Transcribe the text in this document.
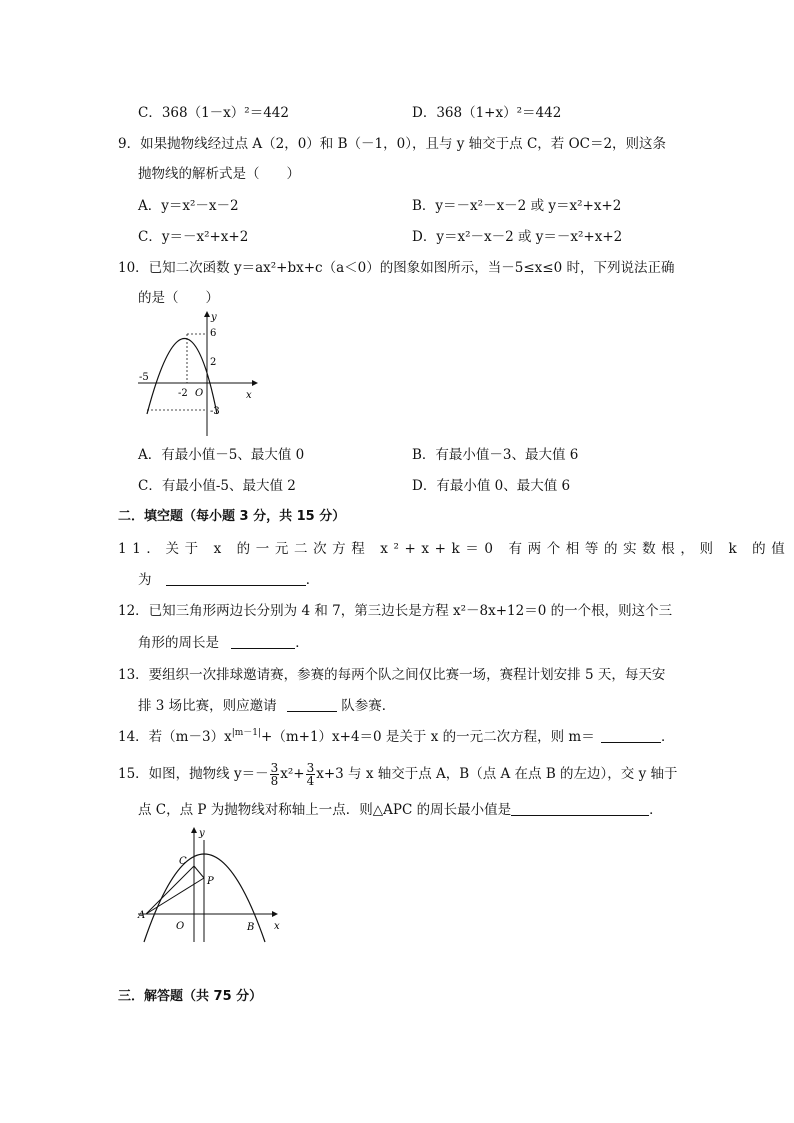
C．368（1－x）²＝442	D．368（1+x）²＝442
9．如果抛物线经过点 A（2，0）和 B（－1，0），且与 y 轴交于点 C，若 OC＝2，则这条
抛物线的解析式是（　　）
A．y＝x²－x－2	B．y＝－x²－x－2 或 y＝x²+x+2
C．y＝－x²+x+2	D．y＝x²－x－2 或 y＝－x²+x+2
10．已知二次函数 y＝ax²+bx+c（a＜0）的图象如图所示，当－5≤x≤0 时，下列说法正确
的是（　　）
y
x
6
2
-5
-2 O
-3
A．有最小值－5、最大值 0	B．有最小值－3、最大值 6
C．有最小值-5、最大值 2	D．有最小值 0、最大值 6
二．填空题（每小题 3 分，共 15 分）
11．关于 x 的一元二次方程 x²+x+k＝0 有两个相等的实数根，则 k 的值
为	．
12．已知三角形两边长分别为 4 和 7，第三边长是方程 x²－8x+12＝0 的一个根，则这个三
角形的周长是	．
13．要组织一次排球邀请赛，参赛的每两个队之间仅比赛一场，赛程计划安排 5 天，每天安
排 3 场比赛，则应邀请	队参赛．
14．若$(m-3)x^{|m-1|}+(m+1)x+4=0$ 是关于 x 的一元二次方程，则 m＝	．
15．如图，抛物线 $y=- \frac{3}{8} x^2+ \frac{3}{4} x+3$ 与 x 轴交于点 A，B（点 A 在点 B 的左边），交 y 轴于
点 C，点 P 为抛物线对称轴上一点．则△APC 的周长最小值是	．
y
x
C
P
A
O	B
三．解答题（共 75 分）
